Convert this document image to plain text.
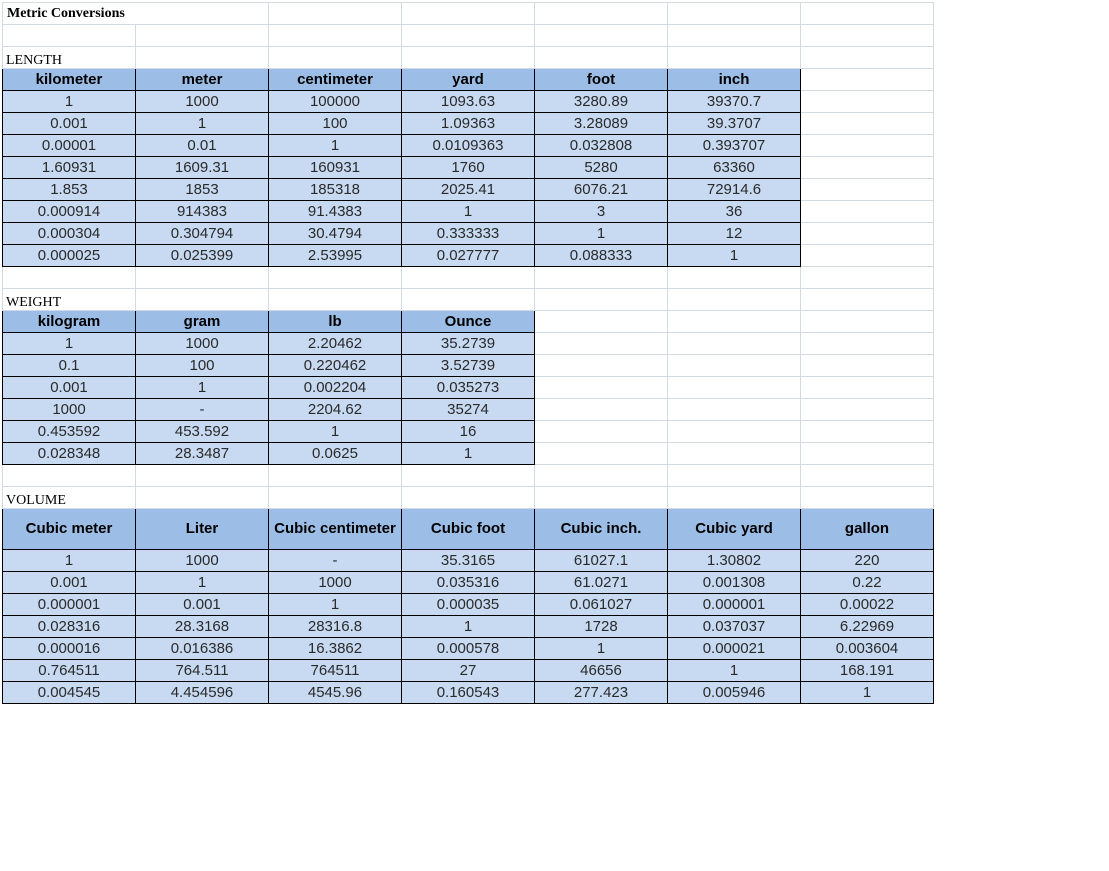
Metric Conversions						

LENGTH						
kilometer	meter	centimeter	yard	foot	inch	
1	1000	100000	1093.63	3280.89	39370.7	
0.001	1	100	1.09363	3.28089	39.3707	
0.00001	0.01	1	0.0109363	0.032808	0.393707	
1.60931	1609.31	160931	1760	5280	63360	
1.853	1853	185318	2025.41	6076.21	72914.6	
0.000914	914383	91.4383	1	3	36	
0.000304	0.304794	30.4794	0.333333	1	12	
0.000025	0.025399	2.53995	0.027777	0.088333	1	

WEIGHT						
kilogram	gram	lb	Ounce			
1	1000	2.20462	35.2739			
0.1	100	0.220462	3.52739			
0.001	1	0.002204	0.035273			
1000	-	2204.62	35274			
0.453592	453.592	1	16			
0.028348	28.3487	0.0625	1			

VOLUME						
Cubic meter	Liter	Cubic centimeter	Cubic foot	Cubic inch.	Cubic yard	gallon
1	1000	-	35.3165	61027.1	1.30802	220
0.001	1	1000	0.035316	61.0271	0.001308	0.22
0.000001	0.001	1	0.000035	0.061027	0.000001	0.00022
0.028316	28.3168	28316.8	1	1728	0.037037	6.22969
0.000016	0.016386	16.3862	0.000578	1	0.000021	0.003604
0.764511	764.511	764511	27	46656	1	168.191
0.004545	4.454596	4545.96	0.160543	277.423	0.005946	1
